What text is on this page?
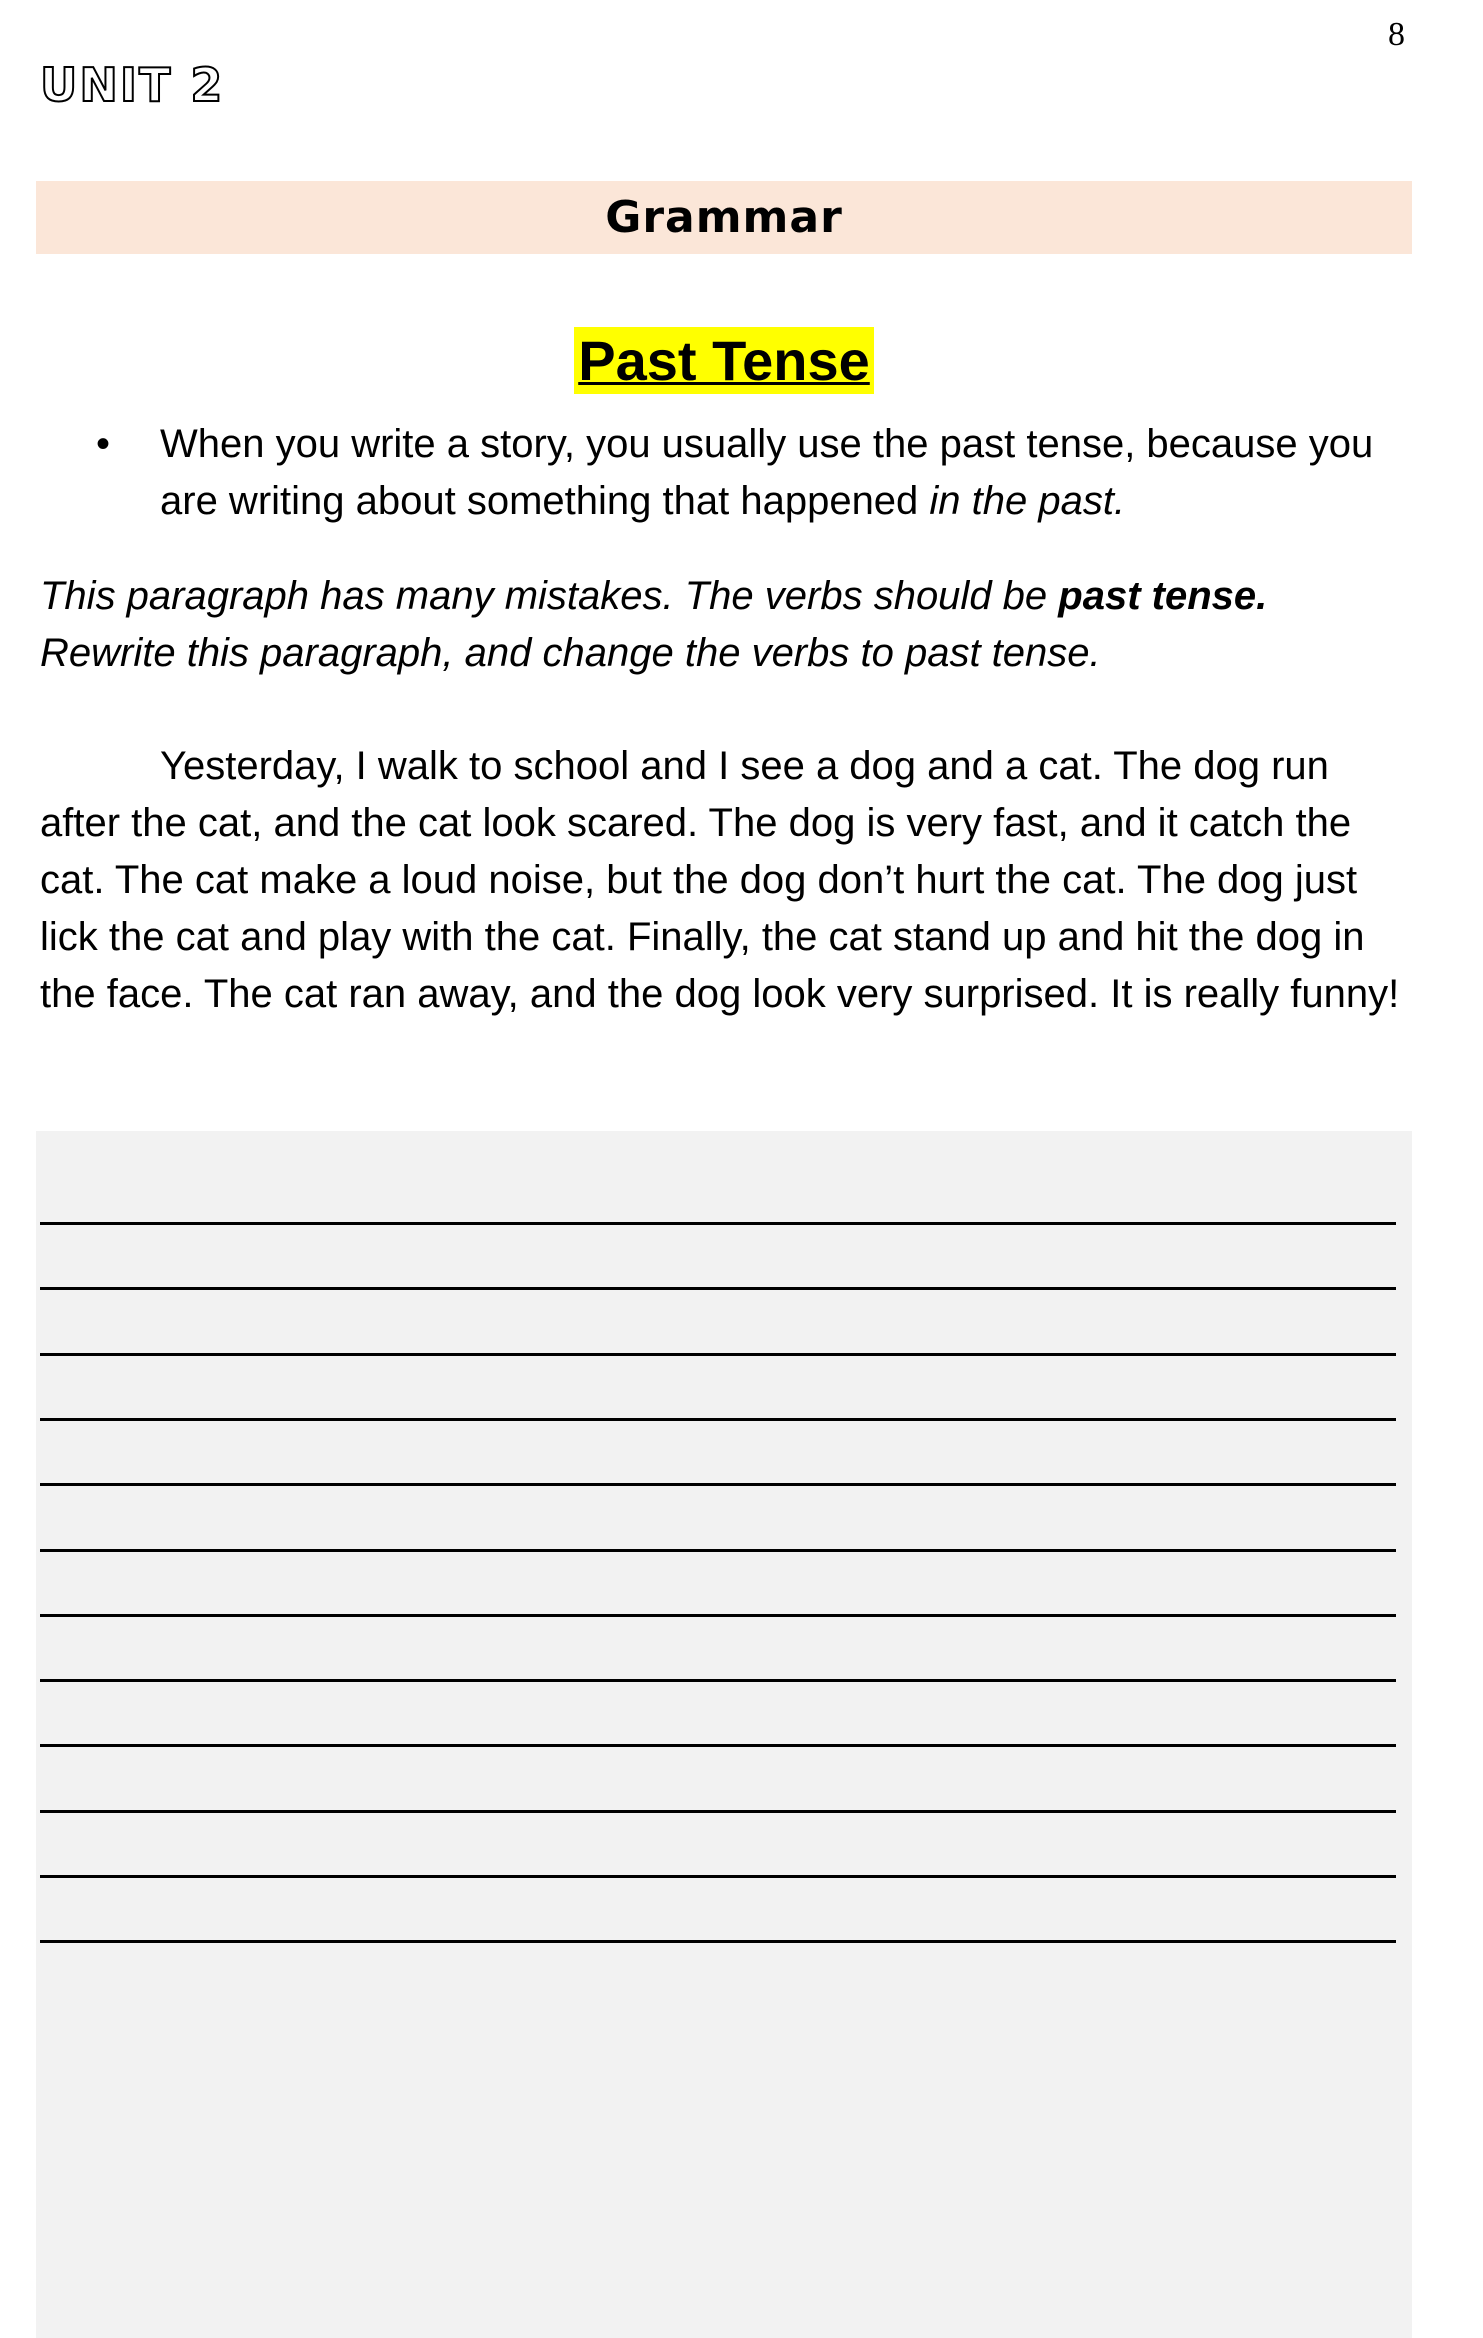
8
UNIT 2
Grammar
Past Tense
•	When you write a story, you usually use the past tense, because you are writing about something that happened in the past.
This paragraph has many mistakes. The verbs should be past tense.
Rewrite this paragraph, and change the verbs to past tense.
Yesterday, I walk to school and I see a dog and a cat. The dog run after the cat, and the cat look scared. The dog is very fast, and it catch the cat. The cat make a loud noise, but the dog don’t hurt the cat. The dog just lick the cat and play with the cat. Finally, the cat stand up and hit the dog in the face. The cat ran away, and the dog look very surprised. It is really funny!
